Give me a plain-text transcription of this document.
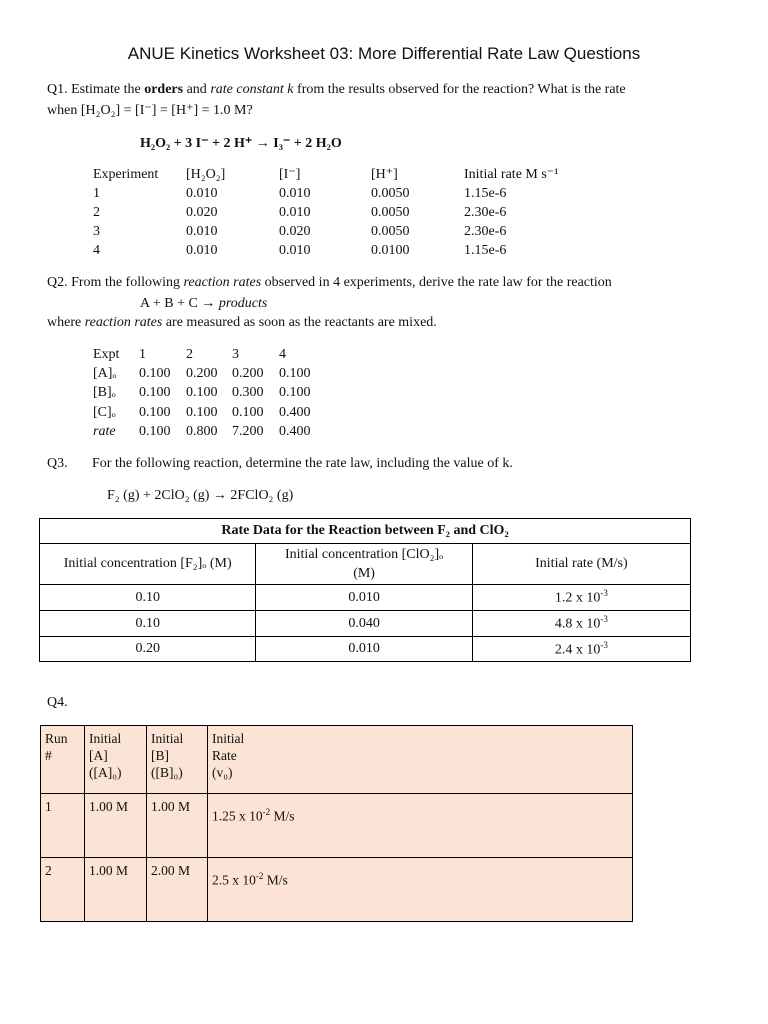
ANUE Kinetics Worksheet 03: More Differential Rate Law Questions
Q1. Estimate the orders and rate constant k from the results observed for the reaction? What is the rate
when [H₂O₂] = [I⁻] = [H⁺] = 1.0 M?
H₂O₂ + 3 I⁻ + 2 H⁺ → I₃⁻ + 2 H₂O
Experiment [H₂O₂]	[I⁻]	[H⁺]	Initial rate M s⁻¹
1	0.010	0.010	0.0050	1.15e-6
2	0.020	0.010	0.0050	2.30e-6
3	0.010	0.020	0.0050	2.30e-6
4	0.010	0.010	0.0100	1.15e-6
Q2. From the following reaction rates observed in 4 experiments, derive the rate law for the reaction
A + B + C → products
where reaction rates are measured as soon as the reactants are mixed.
Expt 1	2	3	4
[A]ₒ 0.100 0.200 0.200 0.100
[B]ₒ 0.100 0.100 0.300 0.100
[C]ₒ 0.100 0.100 0.100 0.400
rate 0.100 0.800 7.200 0.400
Q3. For the following reaction, determine the rate law, including the value of k.
F₂ (g) + 2ClO₂ (g) → 2FClO₂ (g)
Rate Data for the Reaction between F₂ and ClO₂		
Initial concentration [F₂]ₒ (M)	Initial concentration [ClO₂]ₒ
(M)	Initial rate (M/s)
0.10	0.010	1.2 x $10^{-3}$
0.10	0.040	4.8 x $10^{-3}$
0.20	0.010	2.4 x $10^{-3}$
Q4.
Run
#	Initial
[A]
([A]₀)	Initial
[B]
([B]₀)	Initial
Rate
(v₀)
1	1.00 M	1.00 M	1.25 x $10^{-2}$ M/s

2	1.00 M	2.00 M	2.5 x $10^{-2}$ M/s
